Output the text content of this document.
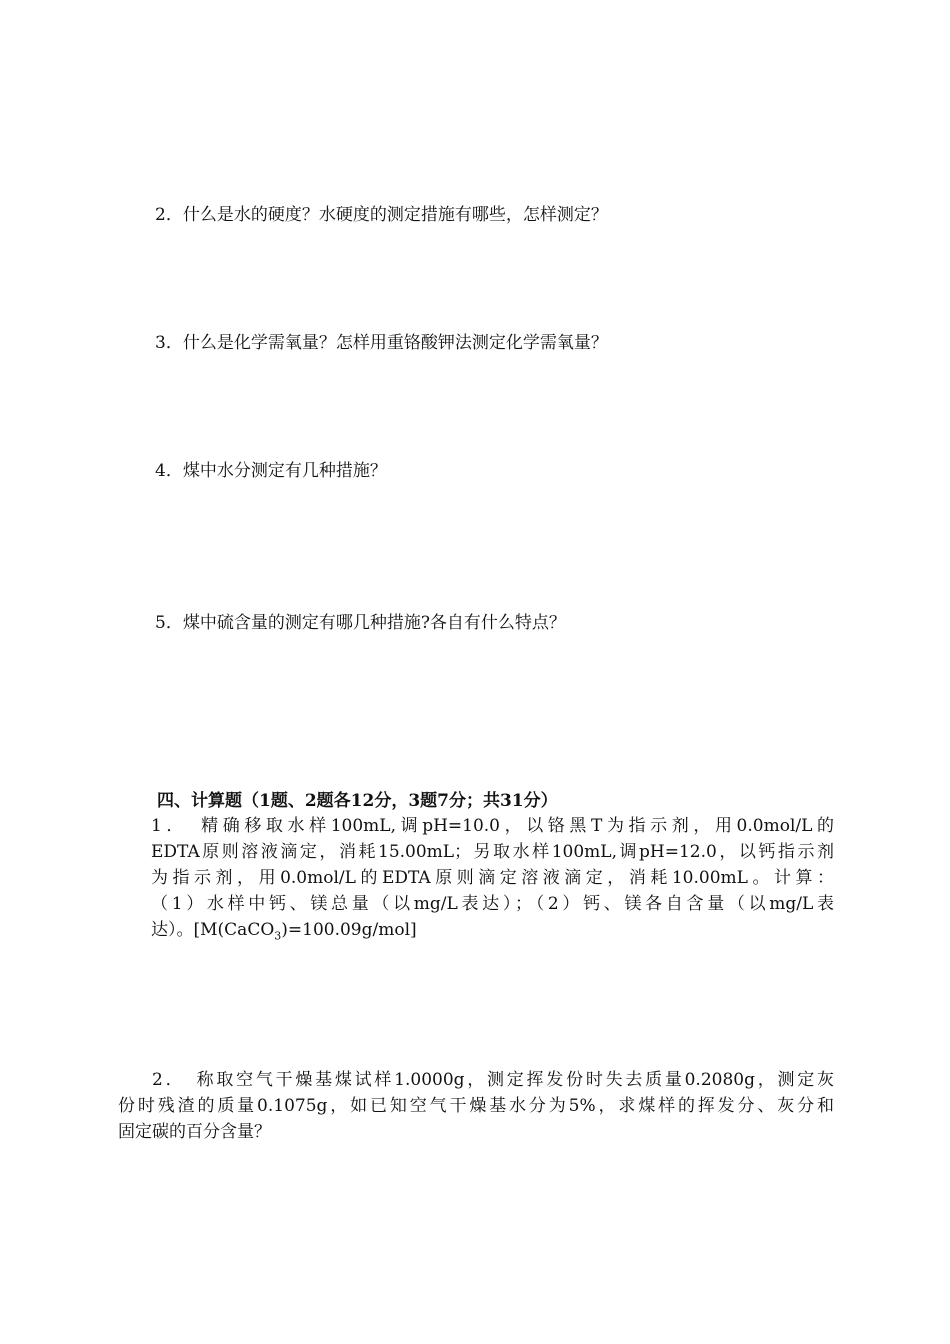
2．什么是水的硬度？水硬度的测定措施有哪些，怎样测定？
3．什么是化学需氧量？怎样用重铬酸钾法测定化学需氧量？
4．煤中水分测定有几种措施？
5．煤中硫含量的测定有哪几种措施?各自有什么特点？
四、计算题（1题、2题各12分，3题7分；共31分）
1．　精确移取水样100mL,调pH=10.0，以铬黑T为指示剂，用0.0mol/L的
EDTA原则溶液滴定，消耗15.00mL；另取水样100mL,调pH=12.0，以钙指示剂
为指示剂，用0.0mol/L的EDTA原则滴定溶液滴定，消耗10.00mL。计算：
（1）水样中钙、镁总量（以mg/L表达）；（2）钙、镁各自含量（以mg/L表
达）。[M(CaCO$_3$)=100.09g/mol]
2．　称取空气干燥基煤试样1.0000g，测定挥发份时失去质量0.2080g，测定灰
份时残渣的质量0.1075g，如已知空气干燥基水分为5%，求煤样的挥发分、灰分和
固定碳的百分含量？
